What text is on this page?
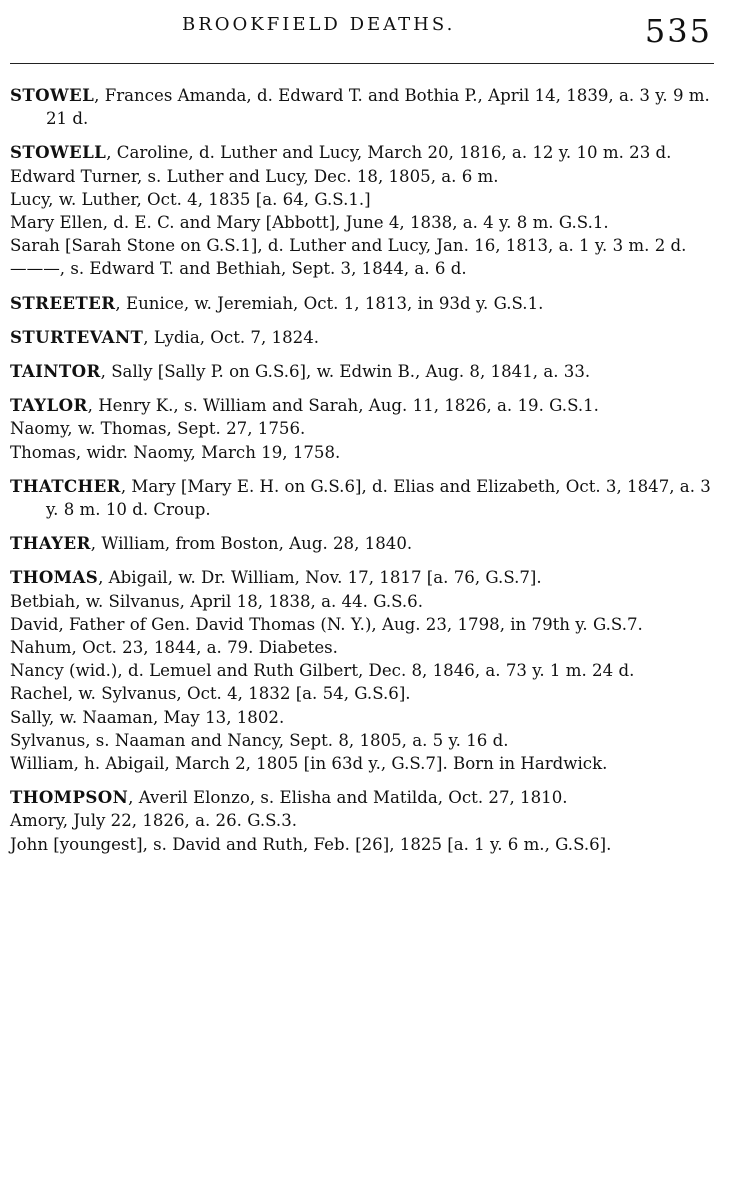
BROOKFIELD DEATHS.	535
STOWEL, Frances Amanda, d. Edward T. and Bothia P., April 14, 1839, a. 3 y. 9 m. 21 d.
STOWELL, Caroline, d. Luther and Lucy, March 20, 1816, a. 12 y. 10 m. 23 d.
Edward Turner, s. Luther and Lucy, Dec. 18, 1805, a. 6 m.
Lucy, w. Luther, Oct. 4, 1835 [a. 64, G.S.1.]
Mary Ellen, d. E. C. and Mary [Abbott], June 4, 1838, a. 4 y. 8 m. G.S.1.
Sarah [Sarah Stone on G.S.1], d. Luther and Lucy, Jan. 16, 1813, a. 1 y. 3 m. 2 d.
———, s. Edward T. and Bethiah, Sept. 3, 1844, a. 6 d.
STREETER, Eunice, w. Jeremiah, Oct. 1, 1813, in 93d y. G.S.1.
STURTEVANT, Lydia, Oct. 7, 1824.
TAINTOR, Sally [Sally P. on G.S.6], w. Edwin B., Aug. 8, 1841, a. 33.
TAYLOR, Henry K., s. William and Sarah, Aug. 11, 1826, a. 19. G.S.1.
Naomy, w. Thomas, Sept. 27, 1756.
Thomas, widr. Naomy, March 19, 1758.
THATCHER, Mary [Mary E. H. on G.S.6], d. Elias and Elizabeth, Oct. 3, 1847, a. 3 y. 8 m. 10 d. Croup.
THAYER, William, from Boston, Aug. 28, 1840.
THOMAS, Abigail, w. Dr. William, Nov. 17, 1817 [a. 76, G.S.7].
Betbiah, w. Silvanus, April 18, 1838, a. 44. G.S.6.
David, Father of Gen. David Thomas (N. Y.), Aug. 23, 1798, in 79th y. G.S.7.
Nahum, Oct. 23, 1844, a. 79. Diabetes.
Nancy (wid.), d. Lemuel and Ruth Gilbert, Dec. 8, 1846, a. 73 y. 1 m. 24 d.
Rachel, w. Sylvanus, Oct. 4, 1832 [a. 54, G.S.6].
Sally, w. Naaman, May 13, 1802.
Sylvanus, s. Naaman and Nancy, Sept. 8, 1805, a. 5 y. 16 d.
William, h. Abigail, March 2, 1805 [in 63d y., G.S.7]. Born in Hardwick.
THOMPSON, Averil Elonzo, s. Elisha and Matilda, Oct. 27, 1810.
Amory, July 22, 1826, a. 26. G.S.3.
John [youngest], s. David and Ruth, Feb. [26], 1825 [a. 1 y. 6 m., G.S.6].
